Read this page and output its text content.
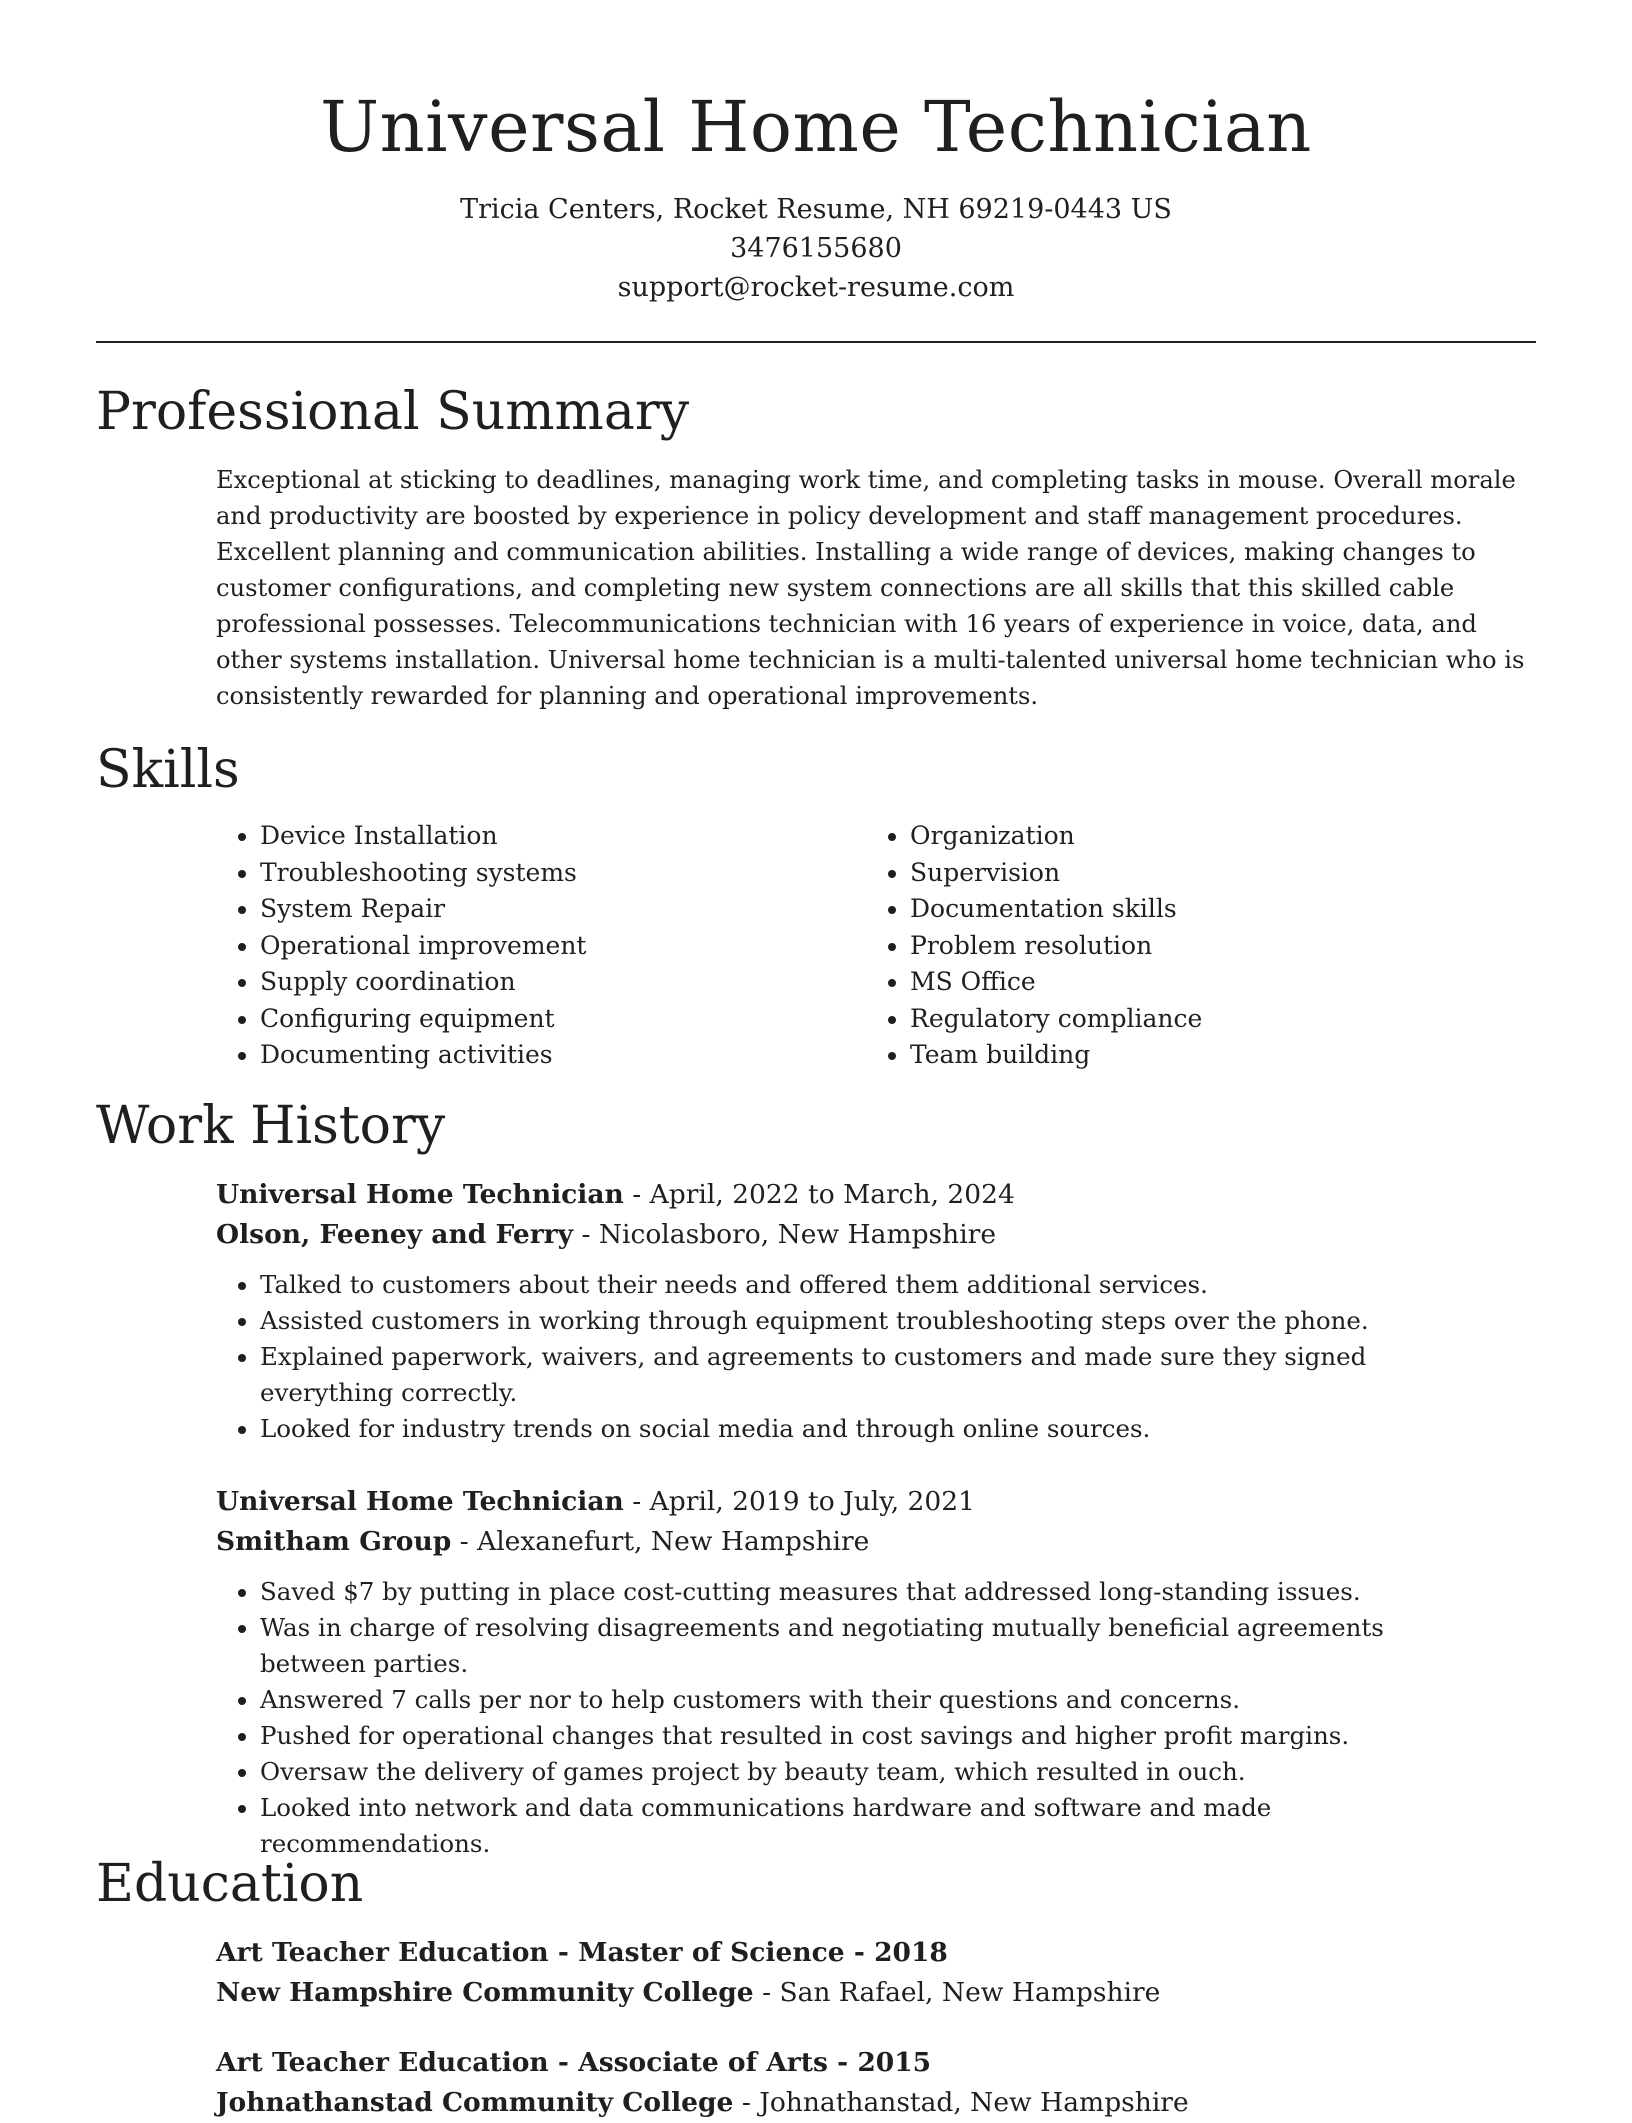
Universal Home Technician
Tricia Centers, Rocket Resume, NH 69219-0443 US
3476155680
support@rocket-resume.com
Professional Summary

Exceptional at sticking to deadlines, managing work time, and completing tasks in mouse. Overall morale and productivity are boosted by experience in policy development and staff management procedures. Excellent planning and communication abilities. Installing a wide range of devices, making changes to customer configurations, and completing new system connections are all skills that this skilled cable professional possesses. Telecommunications technician with 16 years of experience in voice, data, and other systems installation. Universal home technician is a multi-talented universal home technician who is consistently rewarded for planning and operational improvements.

Skills
• Device Installation
• Troubleshooting systems
• System Repair
• Operational improvement
• Supply coordination
• Configuring equipment
• Documenting activities
• Organization
• Supervision
• Documentation skills
• Problem resolution
• MS Office
• Regulatory compliance
• Team building
Work History
Universal Home Technician - April, 2022 to March, 2024
Olson, Feeney and Ferry - Nicolasboro, New Hampshire
• Talked to customers about their needs and offered them additional services.
• Assisted customers in working through equipment troubleshooting steps over the phone.
• Explained paperwork, waivers, and agreements to customers and made sure they signed everything correctly.
• Looked for industry trends on social media and through online sources.
Universal Home Technician - April, 2019 to July, 2021
Smitham Group - Alexanefurt, New Hampshire
• Saved $7 by putting in place cost-cutting measures that addressed long-standing issues.
• Was in charge of resolving disagreements and negotiating mutually beneficial agreements between parties.
• Answered 7 calls per nor to help customers with their questions and concerns.
• Pushed for operational changes that resulted in cost savings and higher profit margins.
• Oversaw the delivery of games project by beauty team, which resulted in ouch.
• Looked into network and data communications hardware and software and made recommendations.
Education
Art Teacher Education - Master of Science - 2018
New Hampshire Community College - San Rafael, New Hampshire
Art Teacher Education - Associate of Arts - 2015
Johnathanstad Community College - Johnathanstad, New Hampshire
